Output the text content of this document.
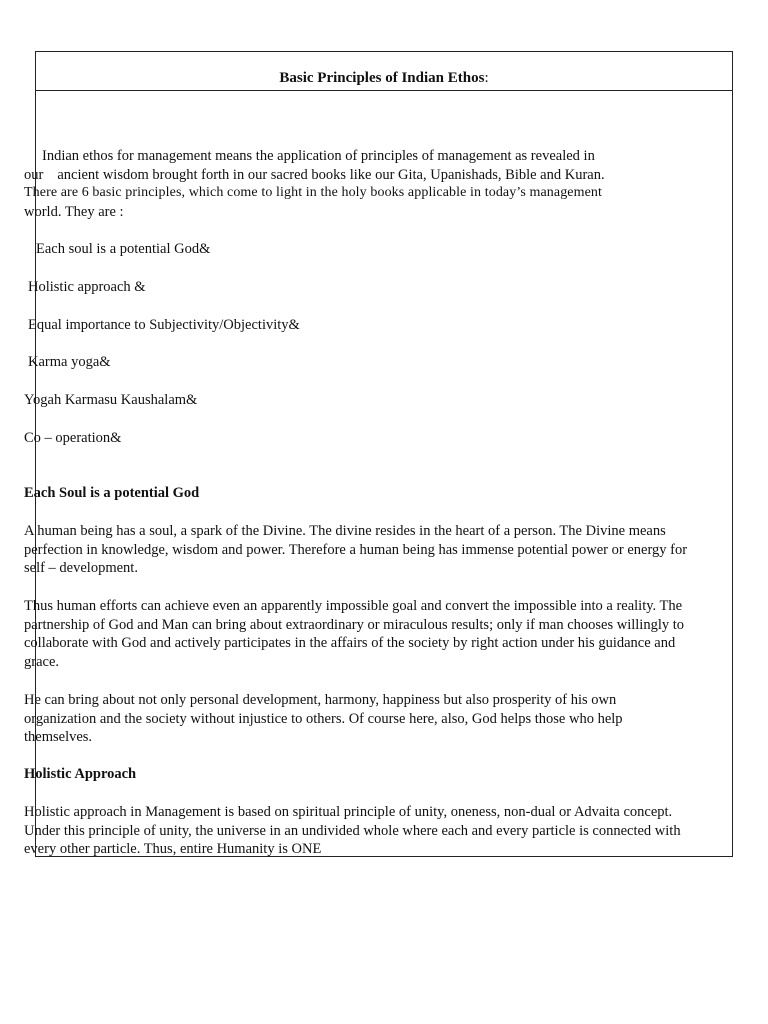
Basic Principles of Indian Ethos:
Indian ethos for management means the application of principles of management as revealed in
our ancient wisdom brought forth in our sacred books like our Gita, Upanishads, Bible and Kuran.
There are 6 basic principles, which come to light in the holy books applicable in today’s management
world. They are :
Each soul is a potential God&
Holistic approach &
Equal importance to Subjectivity/Objectivity&
Karma yoga&
Yogah Karmasu Kaushalam&
Co – operation&
Each Soul is a potential God
A human being has a soul, a spark of the Divine. The divine resides in the heart of a person. The Divine means perfection in knowledge, wisdom and power. Therefore a human being has immense potential power or energy for self – development.
Thus human efforts can achieve even an apparently impossible goal and convert the impossible into a reality. The partnership of God and Man can bring about extraordinary or miraculous results; only if man chooses willingly to collaborate with God and actively participates in the affairs of the society by right action under his guidance and grace.
He can bring about not only personal development, harmony, happiness but also prosperity of his own organization and the society without injustice to others. Of course here, also, God helps those who help themselves.
Holistic Approach
Holistic approach in Management is based on spiritual principle of unity, oneness, non-dual or Advaita concept. Under this principle of unity, the universe in an undivided whole where each and every particle is connected with every other particle. Thus, entire Humanity is ONE
